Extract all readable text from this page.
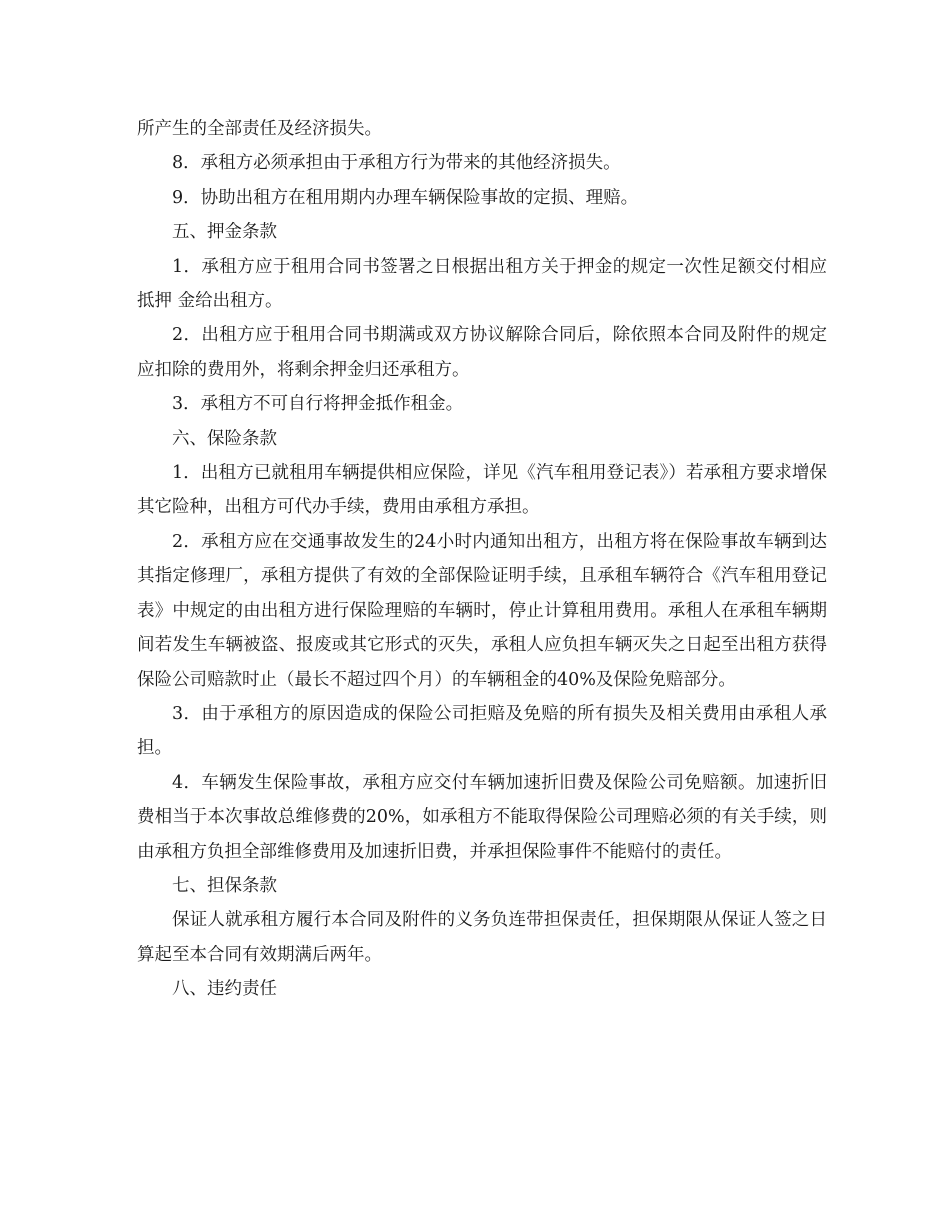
所产生的全部责任及经济损失。

8．承租方必须承担由于承租方行为带来的其他经济损失。

9．协助出租方在租用期内办理车辆保险事故的定损、理赔。

五、押金条款

1．承租方应于租用合同书签署之日根据出租方关于押金的规定一次性足额交付相应抵押 金给出租方。

2．出租方应于租用合同书期满或双方协议解除合同后，除依照本合同及附件的规定应扣除的费用外，将剩余押金归还承租方。

3．承租方不可自行将押金抵作租金。

六、保险条款

1．出租方已就租用车辆提供相应保险，详见《汽车租用登记表》）若承租方要求增保其它险种，出租方可代办手续，费用由承租方承担。

2．承租方应在交通事故发生的24小时内通知出租方，出租方将在保险事故车辆到达其指定修理厂，承租方提供了有效的全部保险证明手续，且承租车辆符合《汽车租用登记表》中规定的由出租方进行保险理赔的车辆时，停止计算租用费用。承租人在承租车辆期间若发生车辆被盗、报废或其它形式的灭失，承租人应负担车辆灭失之日起至出租方获得保险公司赔款时止（最长不超过四个月）的车辆租金的40%及保险免赔部分。

3．由于承租方的原因造成的保险公司拒赔及免赔的所有损失及相关费用由承租人承担。

4．车辆发生保险事故，承租方应交付车辆加速折旧费及保险公司免赔额。加速折旧费相当于本次事故总维修费的20%，如承租方不能取得保险公司理赔必须的有关手续，则由承租方负担全部维修费用及加速折旧费，并承担保险事件不能赔付的责任。

七、担保条款

保证人就承租方履行本合同及附件的义务负连带担保责任，担保期限从保证人签之日算起至本合同有效期满后两年。

八、违约责任
